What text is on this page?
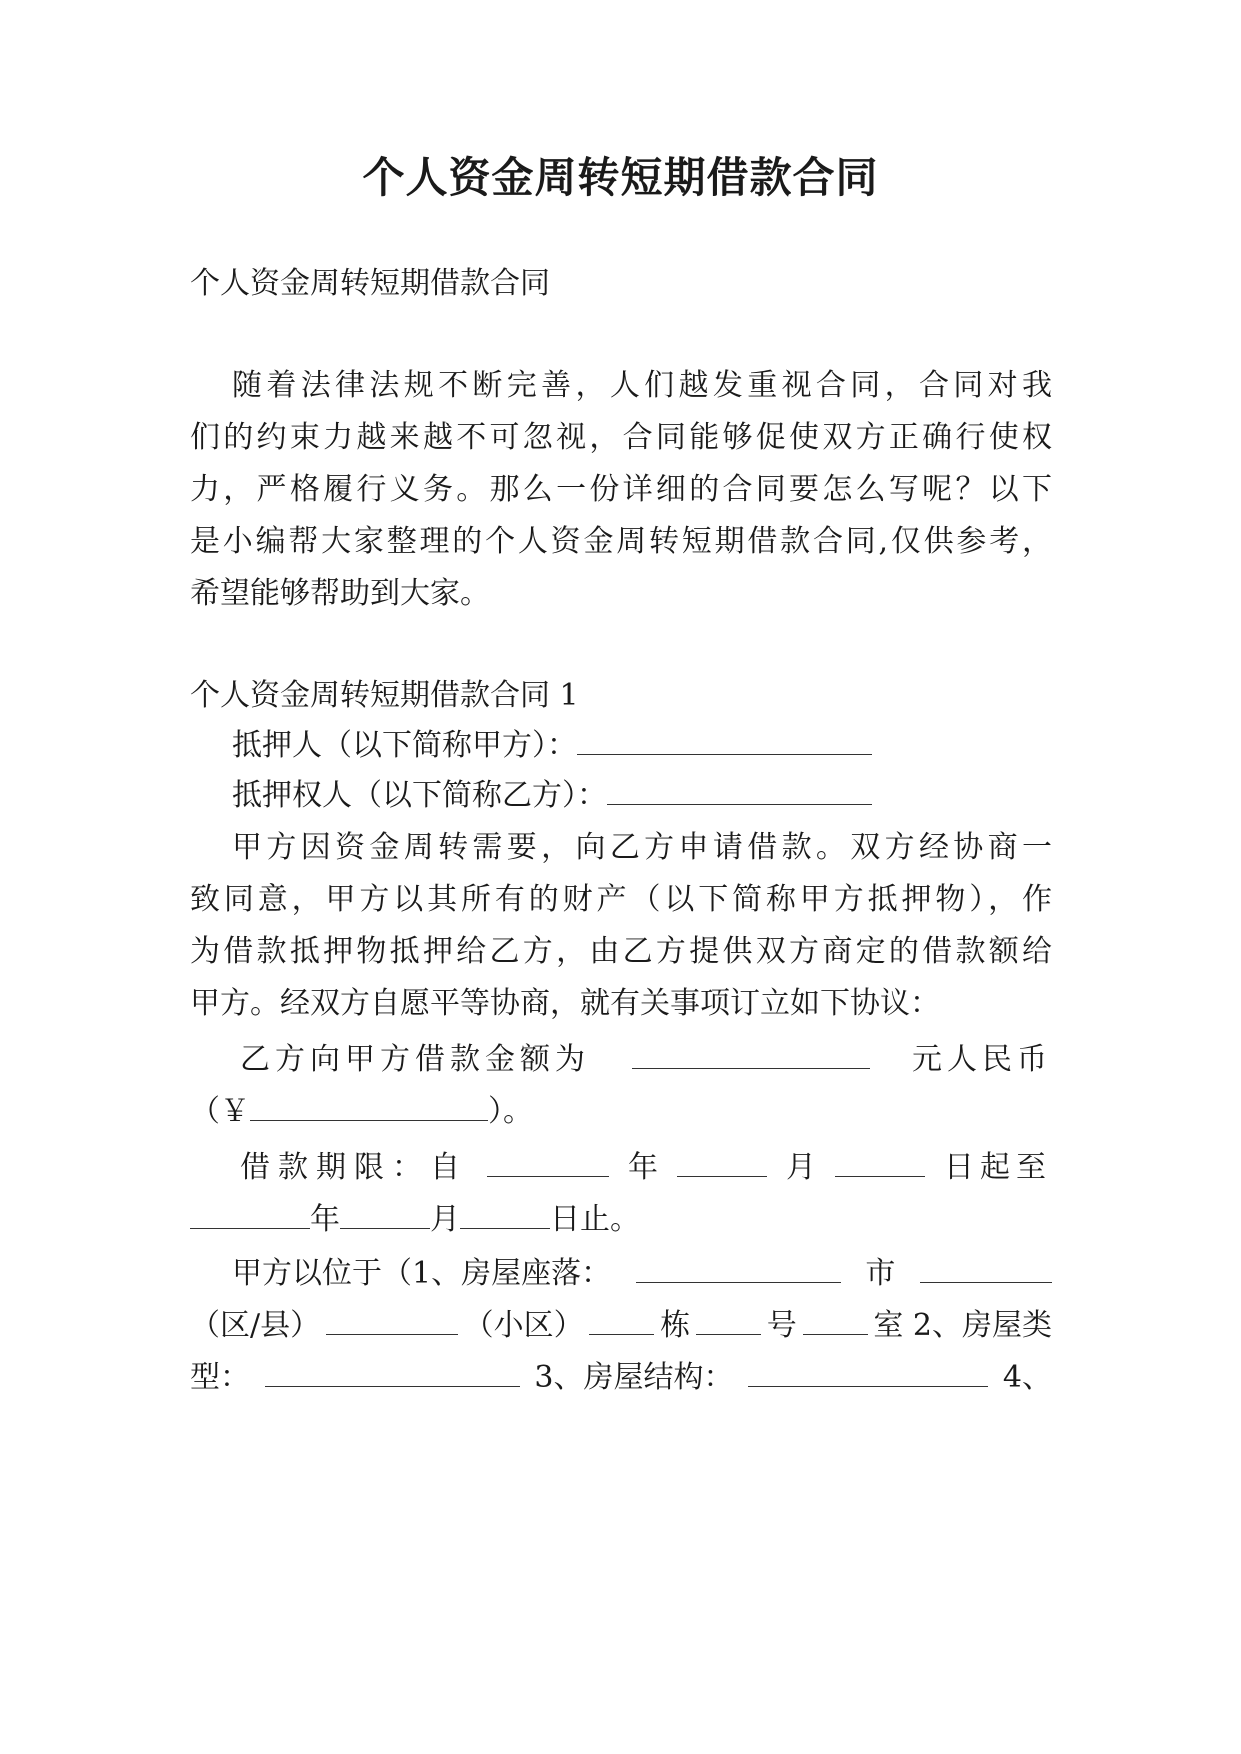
个人资金周转短期借款合同
个人资金周转短期借款合同
随着法律法规不断完善，人们越发重视合同，合同对我
们的约束力越来越不可忽视，合同能够促使双方正确行使权
力，严格履行义务。那么一份详细的合同要怎么写呢？以下
是小编帮大家整理的个人资金周转短期借款合同,仅供参考，
希望能够帮助到大家。
个人资金周转短期借款合同 1
抵押人（以下简称甲方）：
抵押权人（以下简称乙方）：
甲方因资金周转需要，向乙方申请借款。双方经协商一
致同意，甲方以其所有的财产（以下简称甲方抵押物），作
为借款抵押物抵押给乙方，由乙方提供双方商定的借款额给
甲方。经双方自愿平等协商，就有关事项订立如下协议：
乙方向甲方借款金额为	元人民币
（￥	）。
借款期限：自	年	月	日起至
年	月	日止。
甲方以位于（1、房屋座落：	市
（区/县）	（小区）	栋	号	室 2、房屋类
型：	3、房屋结构：	4、
